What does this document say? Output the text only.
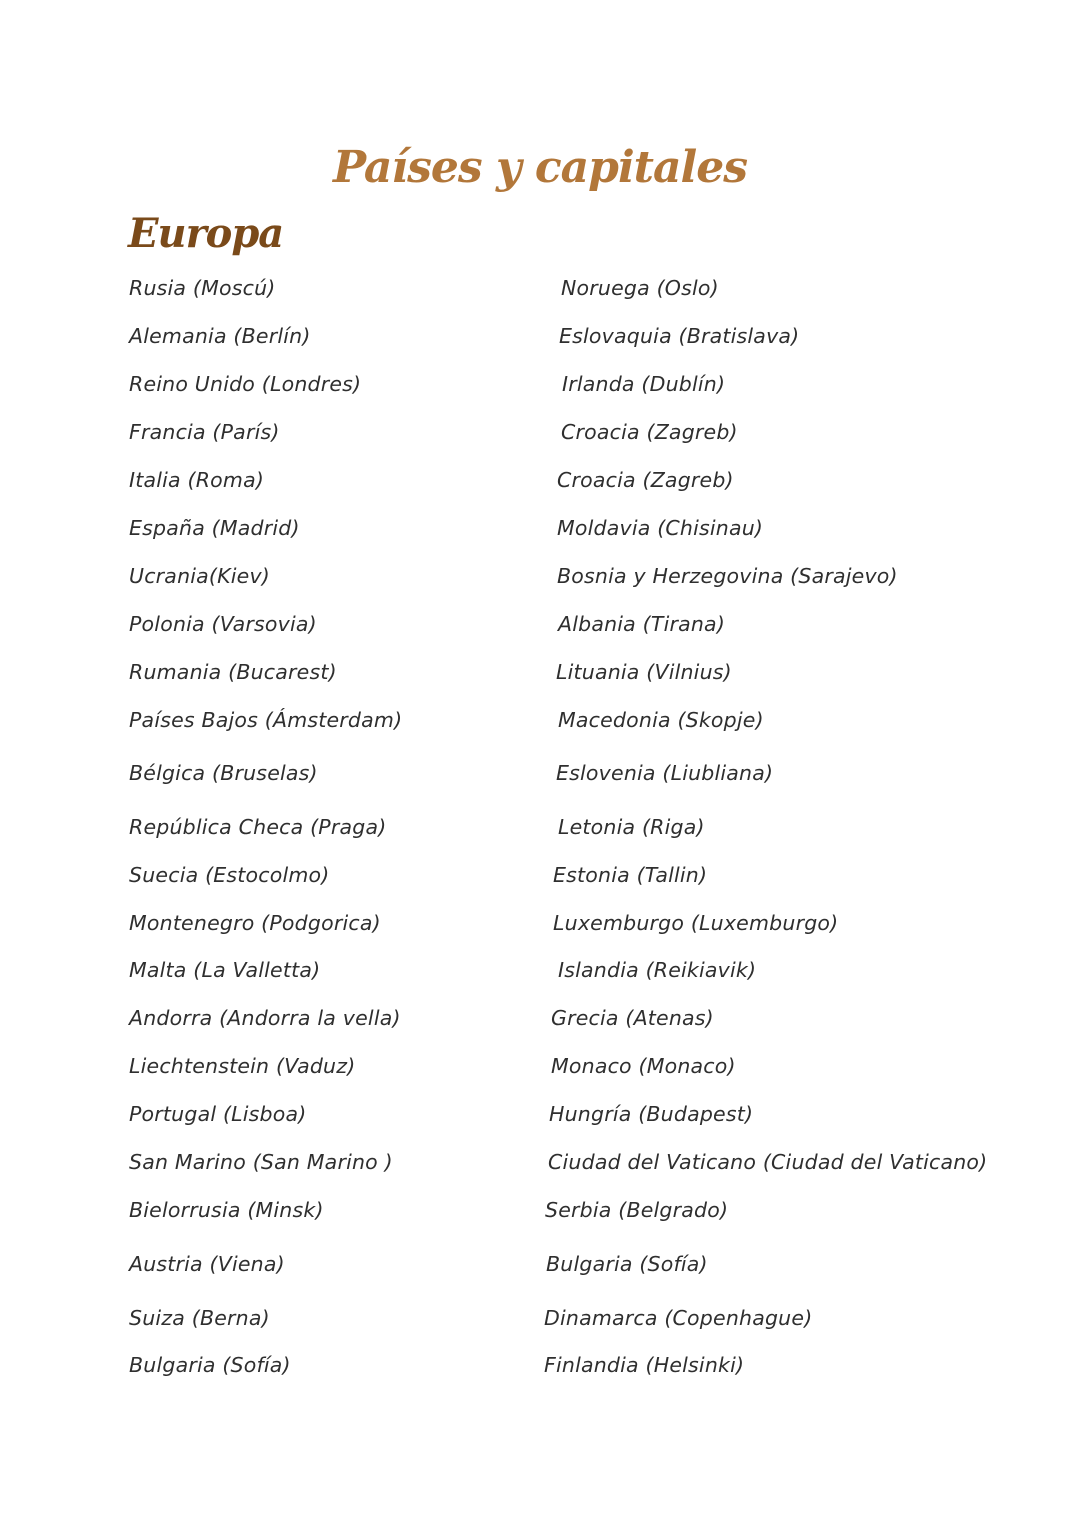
Países y capitales
Europa
Rusia (Moscú)
Alemania (Berlín)
Reino Unido (Londres)
Francia (París)
Italia (Roma)
España (Madrid)
Ucrania(Kiev)
Polonia (Varsovia)
Rumania (Bucarest)
Países Bajos (Ámsterdam)
Bélgica (Bruselas)
República Checa (Praga)
Suecia (Estocolmo)
Montenegro (Podgorica)
Malta (La Valletta)
Andorra (Andorra la vella)
Liechtenstein (Vaduz)
Portugal (Lisboa)
San Marino (San Marino )
Bielorrusia (Minsk)
Austria (Viena)
Suiza (Berna)
Bulgaria (Sofía)
Noruega (Oslo)
Eslovaquia (Bratislava)
Irlanda (Dublín)
Croacia (Zagreb)
Croacia (Zagreb)
Moldavia (Chisinau)
Bosnia y Herzegovina (Sarajevo)
Albania (Tirana)
Lituania (Vilnius)
Macedonia (Skopje)
Eslovenia (Liubliana)
Letonia (Riga)
Estonia (Tallin)
Luxemburgo (Luxemburgo)
Islandia (Reikiavik)
Grecia (Atenas)
Monaco (Monaco)
Hungría (Budapest)
Ciudad del Vaticano (Ciudad del Vaticano)
Serbia (Belgrado)
Bulgaria (Sofía)
Dinamarca (Copenhague)
Finlandia (Helsinki)
